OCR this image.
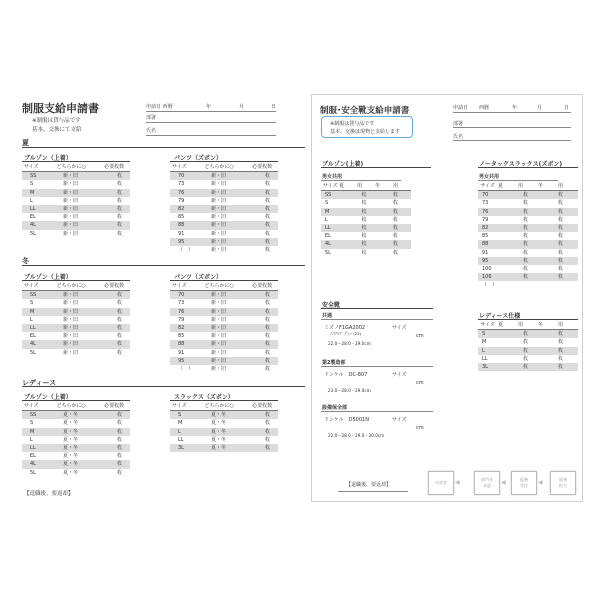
制服支給申請書
※制服は貸与品です
基本、交換にて支給
申請日 西暦	年	月	日
部署
氏名
夏
ブルゾン（上着）
サイズ	どちらかに○	必要枚数
SS	新・旧	枚
S	新・旧	枚
M	新・旧	枚
L	新・旧	枚
LL	新・旧	枚
EL	新・旧	枚
4L	新・旧	枚
5L	新・旧	枚
パンツ（ズボン）
サイズ	どちらかに○	必要枚数
70	新・旧	枚
73	新・旧	枚
76	新・旧	枚
79	新・旧	枚
82	新・旧	枚
85	新・旧	枚
88	新・旧	枚
91	新・旧	枚
95	新・旧	枚
（　）	新・旧	枚
冬
ブルゾン（上着）
サイズ	どちらかに○	必要枚数
SS	新・旧	枚
S	新・旧	枚
M	新・旧	枚
L	新・旧	枚
LL	新・旧	枚
EL	新・旧	枚
4L	新・旧	枚
5L	新・旧	枚
パンツ（ズボン）
サイズ	どちらかに○	必要枚数
70	新・旧	枚
73	新・旧	枚
76	新・旧	枚
79	新・旧	枚
82	新・旧	枚
85	新・旧	枚
88	新・旧	枚
91	新・旧	枚
95	新・旧	枚
（　）	新・旧	枚
レディース
ブルゾン（上着）
サイズ	どちらかに○	必要枚数
SS	夏・冬	枚
S	夏・冬	枚
M	夏・冬	枚
L	夏・冬	枚
LL	夏・冬	枚
EL	夏・冬	枚
4L	夏・冬	枚
5L	夏・冬	枚
スラックス（ズボン）
サイズ	どちらかに○	必要枚数
S	夏・冬	枚
M	夏・冬	枚
L	夏・冬	枚
LL	夏・冬	枚
3L	夏・冬	枚
【退職後、要返却】
制服･安全靴支給申請書	申請日 西暦	年	月	日
部署
氏名
※制服は貸与品です
基本、交換は現物と支給します
ブルゾン(上着)
男女共用
サイズ 夏	用	冬	用
SS	枚	枚
S	枚	枚
M	枚	枚
L	枚	枚
LL	枚	枚
EL	枚	枚
4L	枚	枚
5L	枚	枚
ノータックスラックス(ズボン)
男女共用
サイズ 夏	用	冬	用
70	枚	枚
73	枚	枚
76	枚	枚
79	枚	枚
82	枚	枚
85	枚	枚
88	枚	枚
91	枚	枚
95	枚	枚
100	枚	枚
106	枚	枚
（　）
レディース仕様
サイズ 夏	用	冬	用
S	枚	枚
M	枚	枚
L	枚	枚
LL	枚	枚
3L	枚	枚
安全靴
共通
ミズノF1GA2002	サイズ
ﾉﾝｽﾘｯﾌﾟ ｸﾞﾚｰ (22)	cm
22.0～28.0・29.0cm
第2製造部
ドンケル　DC-807	サイズ
cm
23.0～28.0・29.0cm
設備保全部
ドンケル　D5001N	サイズ
cm
22.0～28.0・29.0・30.0cm
【退職後、要返却】	申請者	◀	部門長
承認	◀	総務
受付	◀	総務
担当
